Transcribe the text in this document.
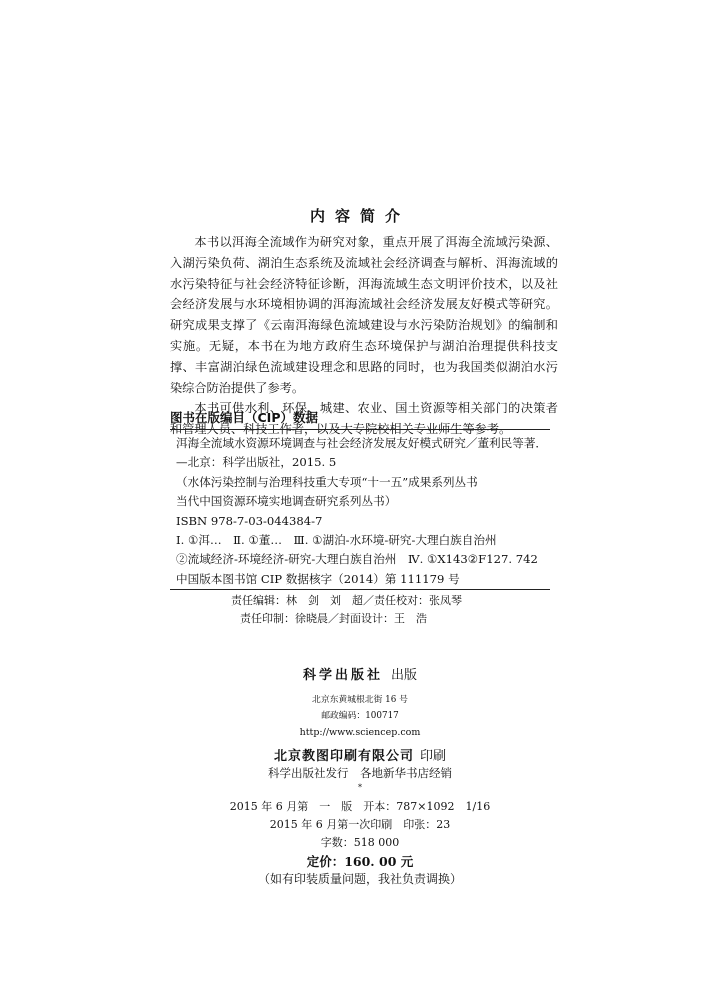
内容简介

本书以洱海全流域作为研究对象，重点开展了洱海全流域污染源、入湖污染负荷、湖泊生态系统及流域社会经济调查与解析、洱海流域的水污染特征与社会经济特征诊断，洱海流域生态文明评价技术，以及社会经济发展与水环境相协调的洱海流域社会经济发展友好模式等研究。研究成果支撑了《云南洱海绿色流域建设与水污染防治规划》的编制和实施。无疑，本书在为地方政府生态环境保护与湖泊治理提供科技支撑、丰富湖泊绿色流域建设理念和思路的同时，也为我国类似湖泊水污染综合防治提供了参考。

本书可供水利、环保、城建、农业、国土资源等相关部门的决策者和管理人员、科技工作者，以及大专院校相关专业师生等参考。

图书在版编目（CIP）数据
洱海全流域水资源环境调查与社会经济发展友好模式研究／董利民等著．
—北京：科学出版社，2015. 5
（水体污染控制与治理科技重大专项“十一五”成果系列丛书
当代中国资源环境实地调查研究系列丛书）
ISBN 978-7-03-044384-7
Ⅰ. ①洱…　Ⅱ. ①董…　Ⅲ. ①湖泊-水环境-研究-大理白族自治州
②流域经济-环境经济-研究-大理白族自治州　Ⅳ. ①X143②F127. 742
中国版本图书馆 CIP 数据核字（2014）第 111179 号
责任编辑：林　剑　刘　超／责任校对：张凤琴
责任印制：徐晓晨／封面设计：王　浩
科学出版社 出版
北京东黄城根北街 16 号
邮政编码：100717
http://www.sciencep.com
北京教图印刷有限公司 印刷
科学出版社发行　各地新华书店经销
*
2015 年 6 月第　一　版　开本：787×1092　1/16
2015 年 6 月第一次印刷　印张：23
字数：518 000
定价：160. 00 元
（如有印装质量问题，我社负责调换）
